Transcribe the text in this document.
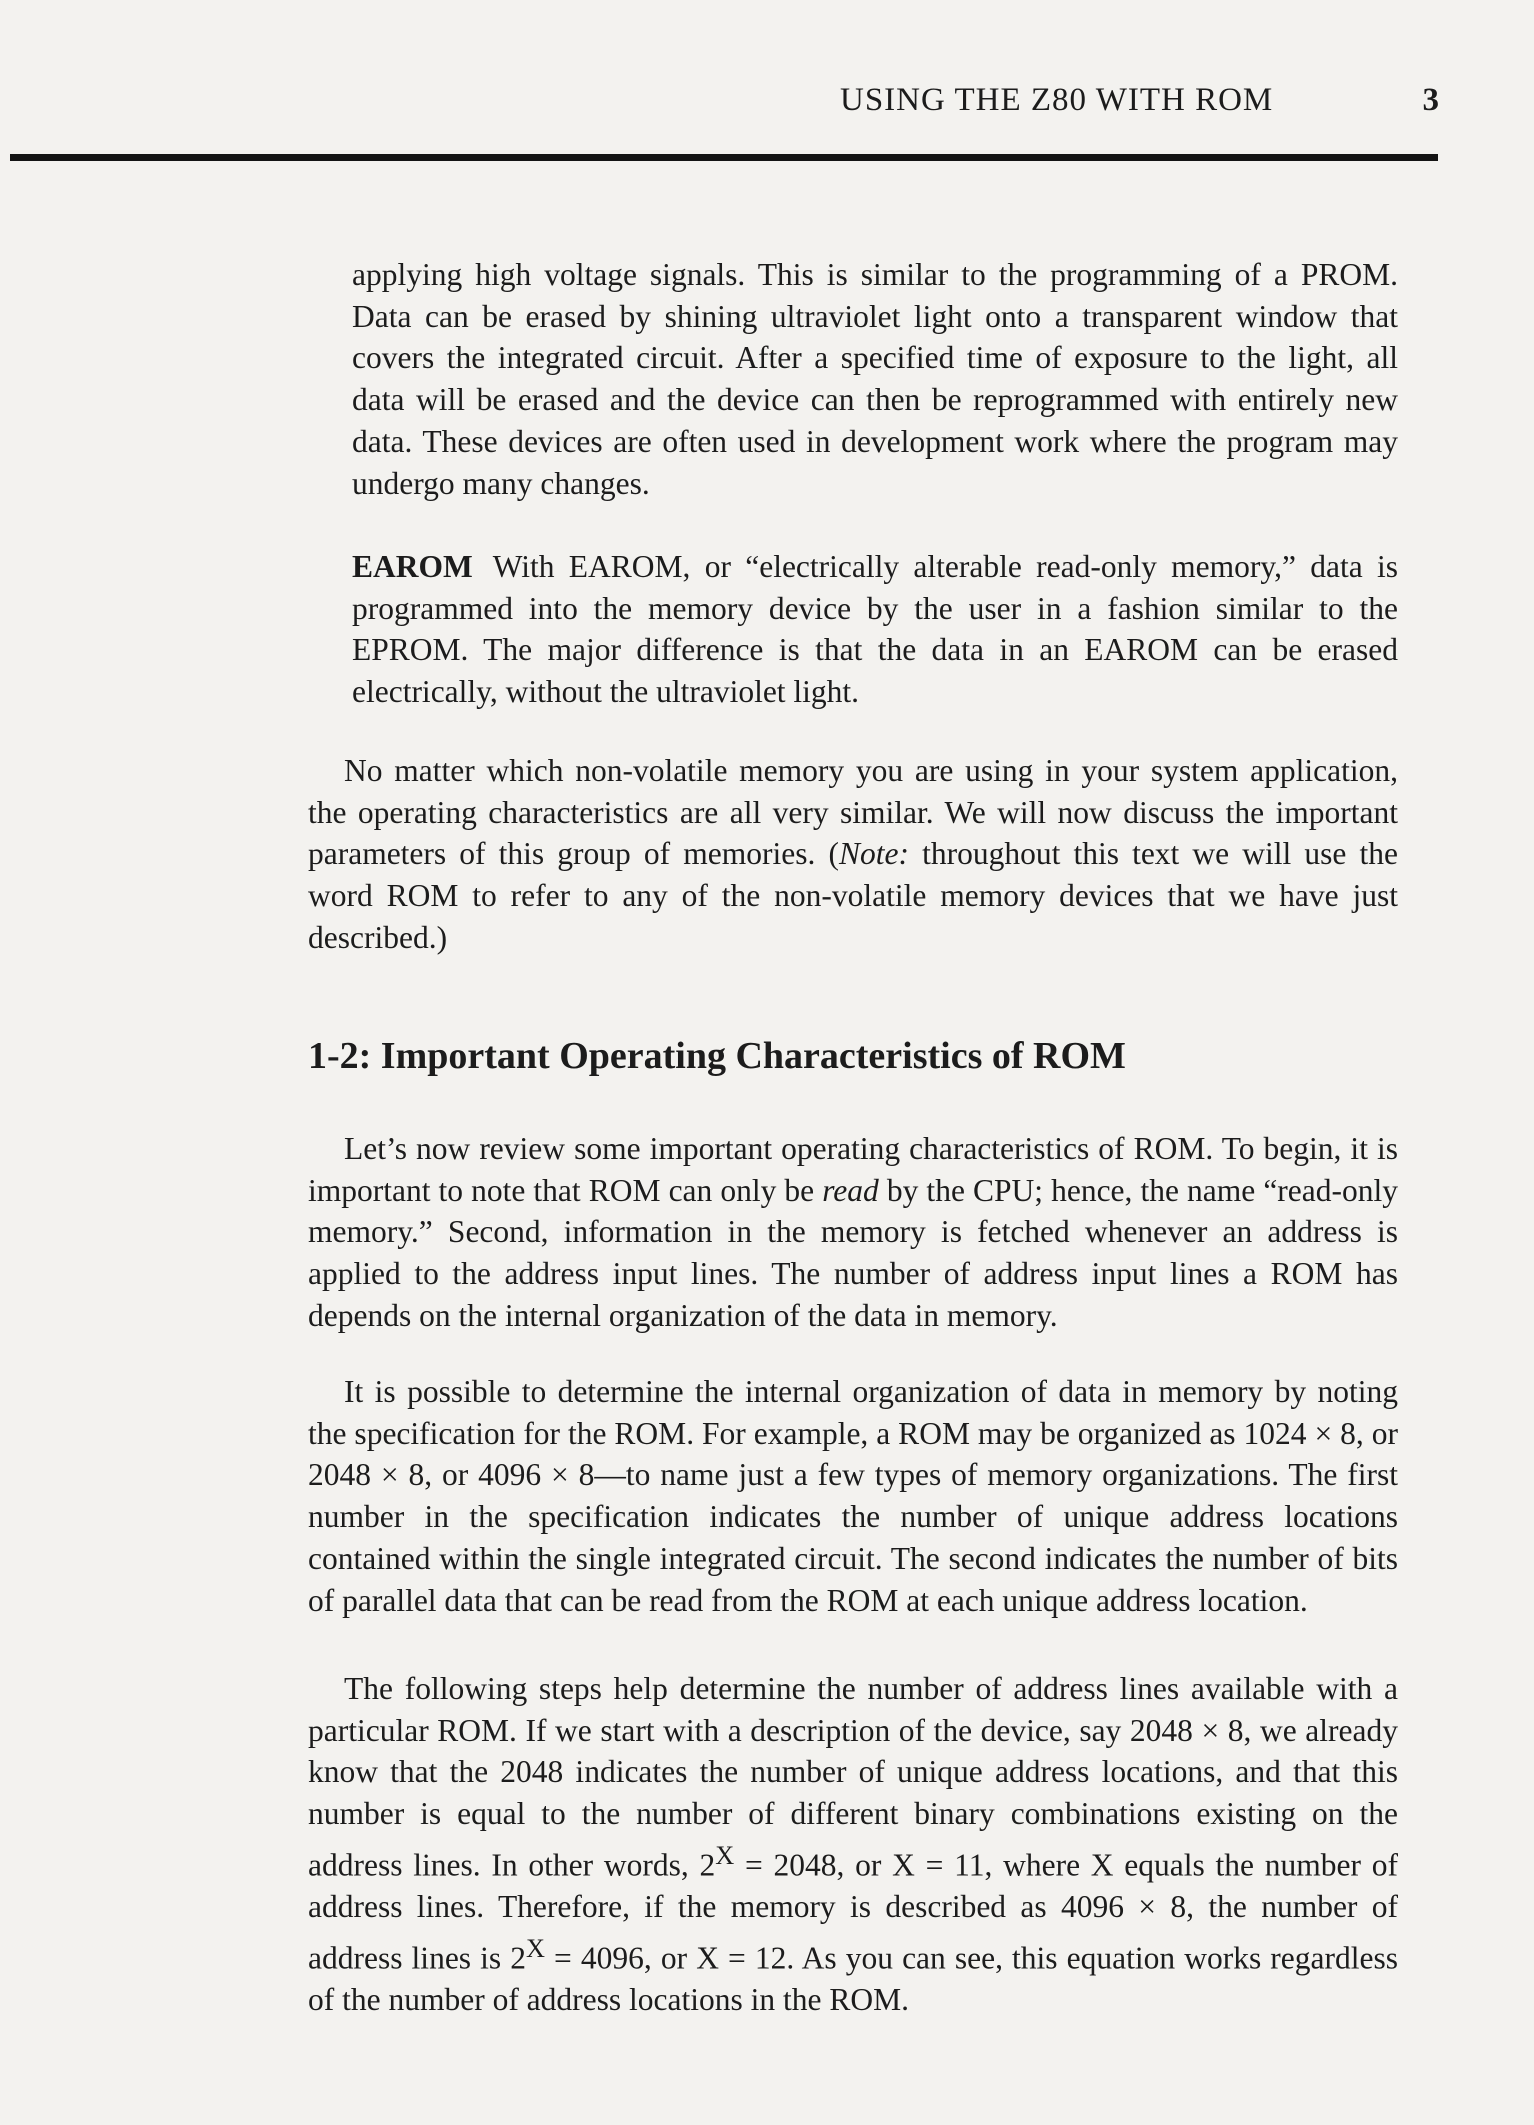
USING THE Z80 WITH ROM	3

applying high voltage signals. This is similar to the programming of a PROM. Data can be erased by shining ultraviolet light onto a transparent window that covers the integrated circuit. After a specified time of exposure to the light, all data will be erased and the device can then be reprogrammed with entirely new data. These devices are often used in development work where the program may undergo many changes.

EAROM With EAROM, or “electrically alterable read-only memory,” data is programmed into the memory device by the user in a fashion similar to the EPROM. The major difference is that the data in an EAROM can be erased electrically, without the ultraviolet light.

No matter which non-volatile memory you are using in your system application, the operating characteristics are all very similar. We will now discuss the important parameters of this group of memories. (Note: throughout this text we will use the word ROM to refer to any of the non-volatile memory devices that we have just described.)

1-2: Important Operating Characteristics of ROM

Let’s now review some important operating characteristics of ROM. To begin, it is important to note that ROM can only be read by the CPU; hence, the name “read-only memory.” Second, information in the memory is fetched whenever an address is applied to the address input lines. The number of address input lines a ROM has depends on the internal organization of the data in memory.

It is possible to determine the internal organization of data in memory by noting the specification for the ROM. For example, a ROM may be organized as 1024 × 8, or 2048 × 8, or 4096 × 8—to name just a few types of memory organizations. The first number in the specification indicates the number of unique address locations contained within the single integrated circuit. The second indicates the number of bits of parallel data that can be read from the ROM at each unique address location.

The following steps help determine the number of address lines available with a particular ROM. If we start with a description of the device, say 2048 × 8, we already know that the 2048 indicates the number of unique address locations, and that this number is equal to the number of different binary combinations existing on the address lines. In other words, $2^X = 2048$, or X = 11, where X equals the number of address lines. Therefore, if the memory is described as 4096 × 8, the number of address lines is $2^X = 4096$, or X = 12. As you can see, this equation works regardless of the number of address locations in the ROM.
